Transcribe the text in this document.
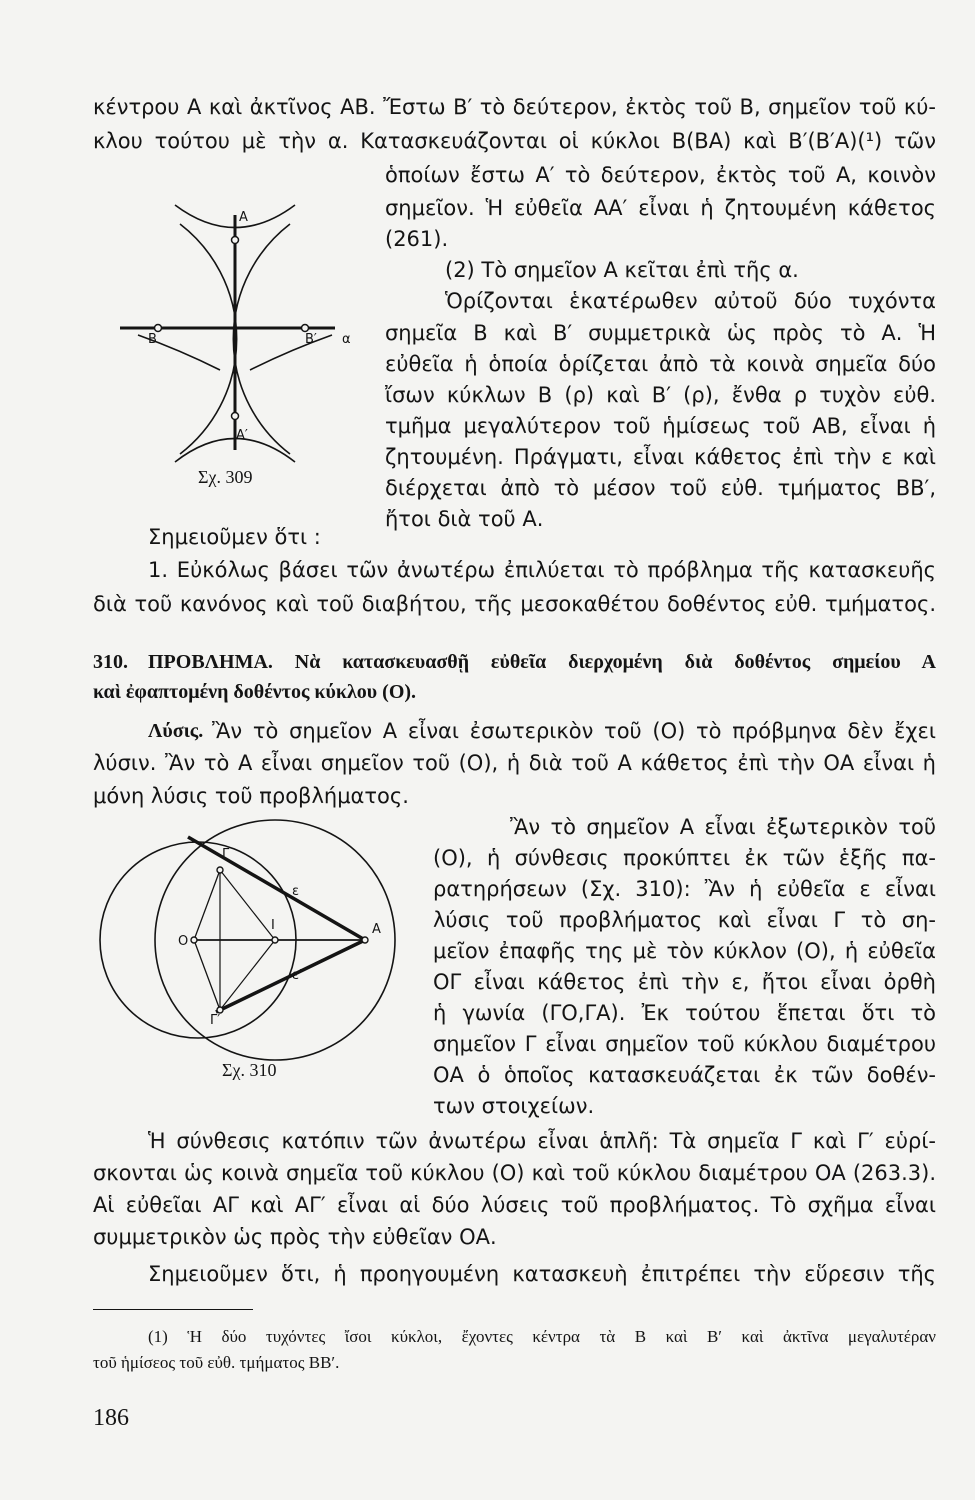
κέντρου Α καὶ ἀκτῖνος ΑΒ. Ἔστω Β′ τὸ δεύτερον, ἐκτὸς τοῦ Β, σημεῖον τοῦ κύ-
κλου τούτου μὲ τὴν α. Κατασκευάζονται οἱ κύκλοι Β(ΒΑ) καὶ Β′(Β′Α)(¹) τῶν
ὁποίων ἔστω Α′ τὸ δεύτερον, ἐκτὸς τοῦ Α, κοινὸν
σημεῖον. Ἡ εὐθεῖα ΑΑ′ εἶναι ἡ ζητουμένη κάθετος
(261).
(2) Τὸ σημεῖον Α κεῖται ἐπὶ τῆς α.
Ὁρίζονται ἑκατέρωθεν αὐτοῦ δύο τυχόντα
σημεῖα Β καὶ Β′ συμμετρικὰ ὡς πρὸς τὸ Α. Ἡ
εὐθεῖα ἡ ὁποία ὁρίζεται ἀπὸ τὰ κοινὰ σημεῖα δύο
ἴσων κύκλων Β (ρ) καὶ Β′ (ρ), ἔνθα ρ τυχὸν εὐθ.
τμῆμα μεγαλύτερον τοῦ ἡμίσεως τοῦ ΑΒ, εἶναι ἡ
ζητουμένη. Πράγματι, εἶναι κάθετος ἐπὶ τὴν ε καὶ
διέρχεται ἀπὸ τὸ μέσον τοῦ εὐθ. τμήματος ΒΒ′,
ἤτοι διὰ τοῦ Α.
Σημειοῦμεν ὅτι :
1. Εὐκόλως βάσει τῶν ἀνωτέρω ἐπιλύεται τὸ πρόβλημα τῆς κατασκευῆς
διὰ τοῦ κανόνος καὶ τοῦ διαβήτου, τῆς μεσοκαθέτου δοθέντος εὐθ. τμήματος.
A
B	B′ α
A′
Σχ. 309
310. ΠΡΟΒΛΗΜΑ. Νὰ κατασκευασθῇ εὐθεῖα διερχομένη διὰ δοθέντος σημείου Α
καὶ ἐφαπτομένη δοθέντος κύκλου (Ο).
Λύσις. Ἂν τὸ σημεῖον Α εἶναι ἐσωτερικὸν τοῦ (Ο) τὸ πρόβμηνα δὲν ἔχει
λύσιν. Ἂν τὸ Α εἶναι σημεῖον τοῦ (Ο), ἡ διὰ τοῦ Α κάθετος ἐπὶ τὴν ΟΑ εἶναι ἡ
μόνη λύσις τοῦ προβλήματος.
Ἂν τὸ σημεῖον Α εἶναι ἐξωτερικὸν τοῦ
(Ο), ἡ σύνθεσις προκύπτει ἐκ τῶν ἑξῆς πα-
ρατηρήσεων (Σχ. 310): Ἂν ἡ εὐθεῖα ε εἶναι
λύσις τοῦ προβλήματος καὶ εἶναι Γ τὸ ση-
μεῖον ἐπαφῆς της μὲ τὸν κύκλον (Ο), ἡ εὐθεῖα
ΟΓ εἶναι κάθετος ἐπὶ τὴν ε, ἤτοι εἶναι ὀρθὴ
ἡ γωνία (ΓΟ,ΓΑ). Ἐκ τούτου ἕπεται ὅτι τὸ
σημεῖον Γ εἶναι σημεῖον τοῦ κύκλου διαμέτρου
ΟΑ ὁ ὁποῖος κατασκευάζεται ἐκ τῶν δοθέν-
των στοιχείων.
Γ
O
I	A
ε
ε′
Γ′
Σχ. 310
Ἡ σύνθεσις κατόπιν τῶν ἀνωτέρω εἶναι ἁπλῆ: Τὰ σημεῖα Γ καὶ Γ′ εὑρί-
σκονται ὡς κοινὰ σημεῖα τοῦ κύκλου (Ο) καὶ τοῦ κύκλου διαμέτρου ΟΑ (263.3).
Αἱ εὐθεῖαι ΑΓ καὶ ΑΓ′ εἶναι αἱ δύο λύσεις τοῦ προβλήματος. Τὸ σχῆμα εἶναι
συμμετρικὸν ὡς πρὸς τὴν εὐθεῖαν ΟΑ.
Σημειοῦμεν ὅτι, ἡ προηγουμένη κατασκευὴ ἐπιτρέπει τὴν εὕρεσιν τῆς
(1) Ἡ δύο τυχόντες ἴσοι κύκλοι, ἔχοντες κέντρα τὰ Β καὶ Β′ καὶ ἀκτῖνα μεγαλυτέραν
τοῦ ἡμίσεος τοῦ εὐθ. τμήματος ΒΒ′.
186
